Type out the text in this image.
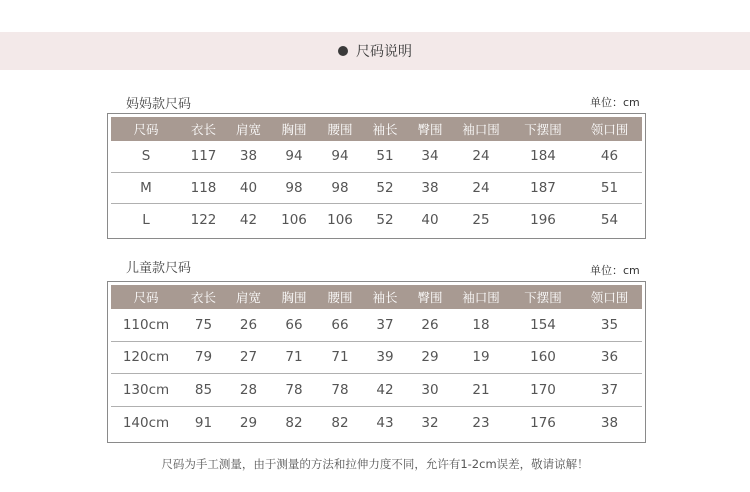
尺码说明
妈妈款尺码	单位：cm
尺码	衣长	肩宽	胸围	腰围	袖长	臀围	袖口围	下摆围	领口围
S	117	38	94	94	51	34	24	184	46
M	118	40	98	98	52	38	24	187	51
L	122	42	106	106	52	40	25	196	54
儿童款尺码	单位：cm
尺码	衣长	肩宽	胸围	腰围	袖长	臀围	袖口围	下摆围	领口围
110cm	75	26	66	66	37	26	18	154	35
120cm	79	27	71	71	39	29	19	160	36
130cm	85	28	78	78	42	30	21	170	37
140cm	91	29	82	82	43	32	23	176	38
尺码为手工测量，由于测量的方法和拉伸力度不同，允许有1-2cm误差，敬请谅解！
